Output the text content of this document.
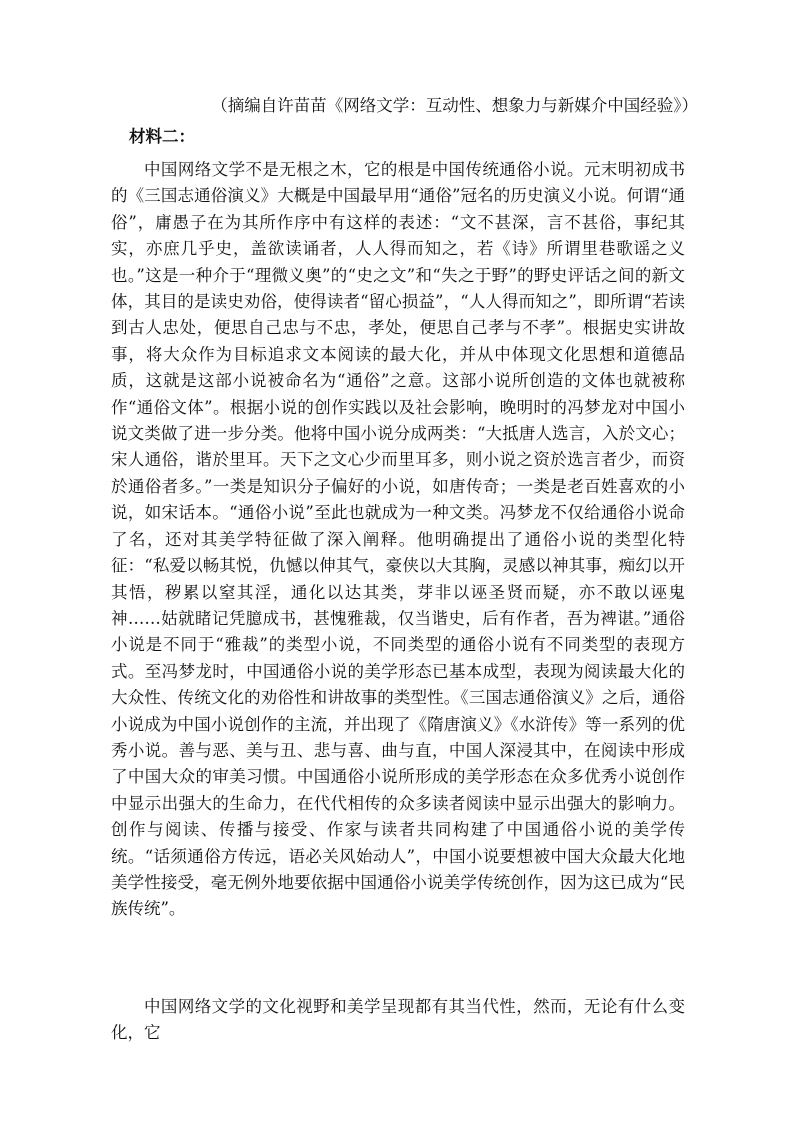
（摘编自许苗苗《网络文学：互动性、想象力与新媒介中国经验》）
材料二：
中国网络文学不是无根之木，它的根是中国传统通俗小说。元末明初成书的《三国志通俗演义》大概是中国最早用“通俗”冠名的历史演义小说。何谓“通俗”，庸愚子在为其所作序中有这样的表述：“文不甚深，言不甚俗，事纪其实，亦庶几乎史，盖欲读诵者，人人得而知之，若《诗》所谓里巷歌谣之义也。”这是一种介于“理微义奥”的“史之文”和“失之于野”的野史评话之间的新文体，其目的是读史劝俗，使得读者“留心损益”，“人人得而知之”，即所谓“若读到古人忠处，便思自己忠与不忠，孝处，便思自己孝与不孝”。根据史实讲故事，将大众作为目标追求文本阅读的最大化，并从中体现文化思想和道德品质，这就是这部小说被命名为“通俗”之意。这部小说所创造的文体也就被称作“通俗文体”。根据小说的创作实践以及社会影响，晚明时的冯梦龙对中国小说文类做了进一步分类。他将中国小说分成两类：“大抵唐人选言，入於文心；宋人通俗，谐於里耳。天下之文心少而里耳多，则小说之资於选言者少，而资於通俗者多。”一类是知识分子偏好的小说，如唐传奇；一类是老百姓喜欢的小说，如宋话本。“通俗小说”至此也就成为一种文类。冯梦龙不仅给通俗小说命了名，还对其美学特征做了深入阐释。他明确提出了通俗小说的类型化特征：“私爱以畅其悦，仇憾以伸其气，豪侠以大其胸，灵感以神其事，痴幻以开其悟，秽累以窒其淫，通化以达其类，芽非以诬圣贤而疑，亦不敢以诬鬼神……姑就睹记凭臆成书，甚愧雅裁，仅当谐史，后有作者，吾为裨谌。”通俗小说是不同于“雅裁”的类型小说，不同类型的通俗小说有不同类型的表现方式。至冯梦龙时，中国通俗小说的美学形态已基本成型，表现为阅读最大化的大众性、传统文化的劝俗性和讲故事的类型性。《三国志通俗演义》之后，通俗小说成为中国小说创作的主流，并出现了《隋唐演义》《水浒传》等一系列的优秀小说。善与恶、美与丑、悲与喜、曲与直，中国人深浸其中，在阅读中形成了中国大众的审美习惯。中国通俗小说所形成的美学形态在众多优秀小说创作中显示出强大的生命力，在代代相传的众多读者阅读中显示出强大的影响力。创作与阅读、传播与接受、作家与读者共同构建了中国通俗小说的美学传统。“话须通俗方传远，语必关风始动人”，中国小说要想被中国大众最大化地美学性接受，毫无例外地要依据中国通俗小说美学传统创作，因为这已成为“民族传统”。
中国网络文学的文化视野和美学呈现都有其当代性，然而，无论有什么变化，它
